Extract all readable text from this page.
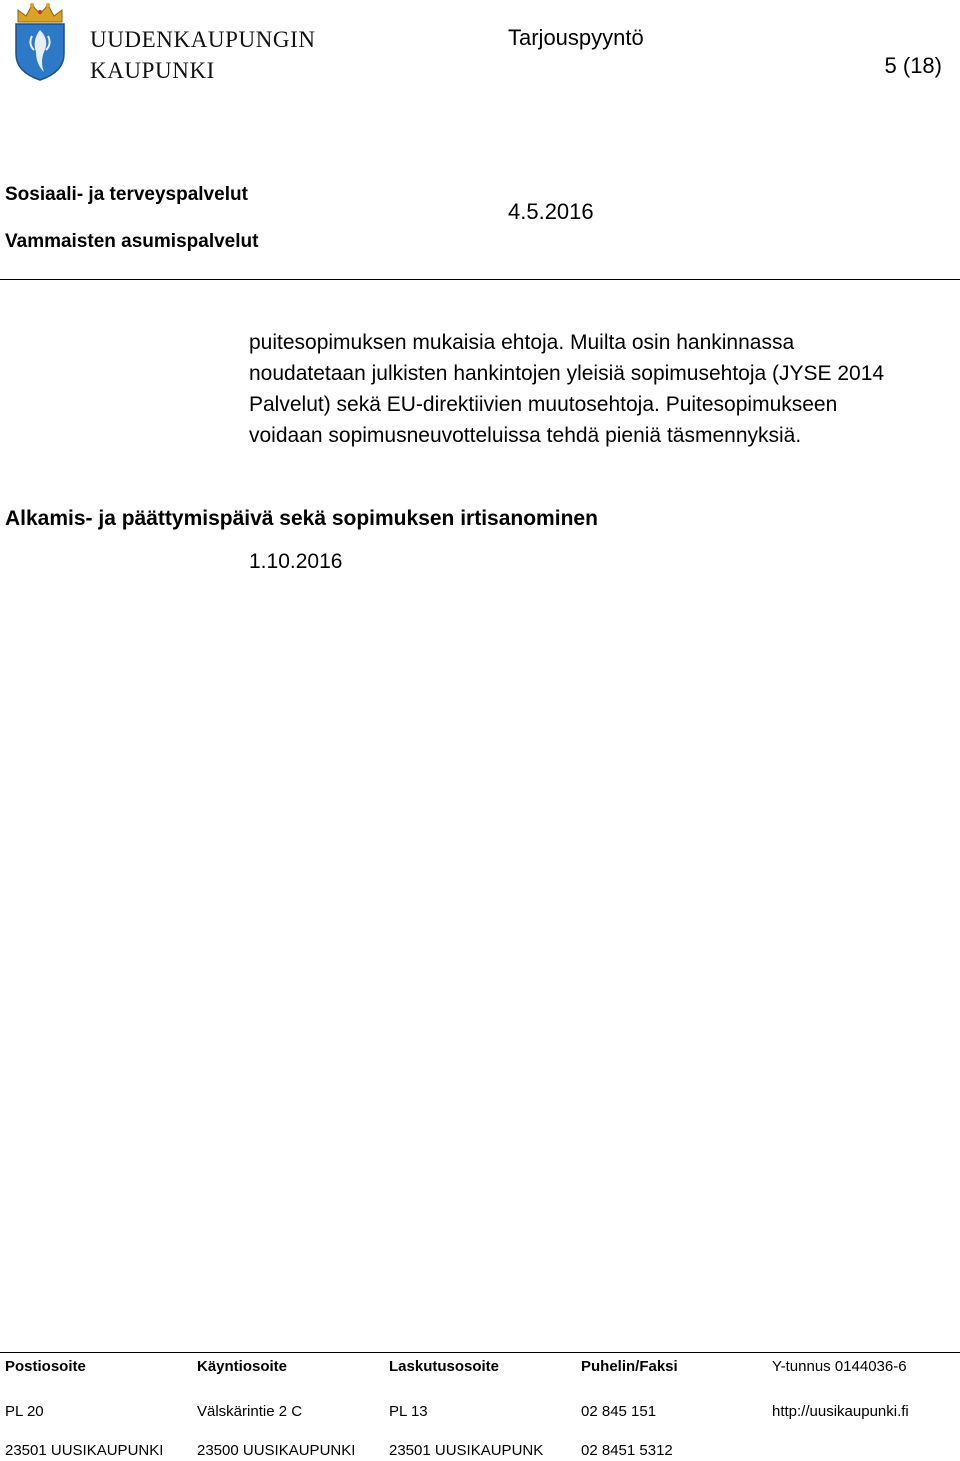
UUDENKAUPUNGIN
KAUPUNKI
Tarjouspyyntö
5 (18)
Sosiaali- ja terveyspalvelut
Vammaisten asumispalvelut
4.5.2016
puitesopimuksen mukaisia ehtoja. Muilta osin hankinnassa
noudatetaan julkisten hankintojen yleisiä sopimusehtoja (JYSE 2014
Palvelut) sekä EU-direktiivien muutosehtoja. Puitesopimukseen
voidaan sopimusneuvotteluissa tehdä pieniä täsmennyksiä.
Alkamis- ja päättymispäivä sekä sopimuksen irtisanominen
1.10.2016
Postiosoite
PL 20
23501 UUSIKAUPUNKI
Käyntiosoite
Välskärintie 2 C
23500 UUSIKAUPUNKI
Laskutusosoite
PL 13
23501 UUSIKAUPUNK
Puhelin/Faksi
02 845 151
02 8451 5312
Y-tunnus 0144036-6
http://uusikaupunki.fi
